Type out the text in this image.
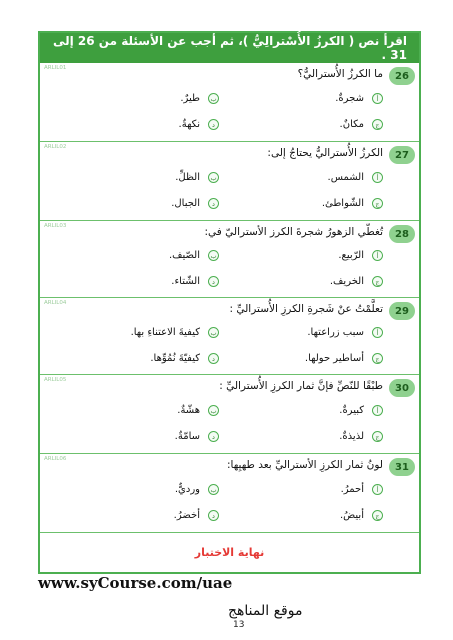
اقرأ نص ( الكرزُ الأُسْترالِيُّ )، ثم أجب عن الأسئلة من 26 إلى 31 .
ARLIL01
26
ما الكرزُ الأُستراليُّ؟
أ
شجرةٌ.
ب
طيرٌ.
ج
مكانٌ.
د
نكهةٌ.
ARLIL02
27
الكرزُ الأُستراليُّ يحتاجُ إلى:
أ
الشمس.
ب
الظلِّ.
ج
الشّواطئ.
د
الجبال.
ARLIL03
28
تُغطّي الزهورُ شجرةَ الكرز الأستراليّ في:
أ
الرّبيع.
ب
الصّيف.
ج
الخريف.
د
الشّتاء.
ARLIL04
29
تعلَّمْتُ عنْ شَجرةِ الكرزِ الأُستراليِّ :
أ
سبب زراعتها.
ب
كيفيةَ الاعتناءِ بها.
ج
أساطير حولها.
د
كيفيّةَ نُمُوِّها.
ARLIL05
30
طبْقًا للنّصِّ فإنَّ ثمار الكرزِ الأُستراليِّ :
أ
كبيرةٌ.
ب
هشّةٌ.
ج
لذيذةٌ.
د
سامّةٌ.
ARLIL06
31
لونُ ثمار الكرزِ الأستراليِّ بعد طهيِها:
أ
أحمرُ.
ب
ورديٌّ.
ج
أبيضُ.
د
أخضرُ.
نهاية الاختبار
www.syCourse.com/uae
موقع المناهج
13
